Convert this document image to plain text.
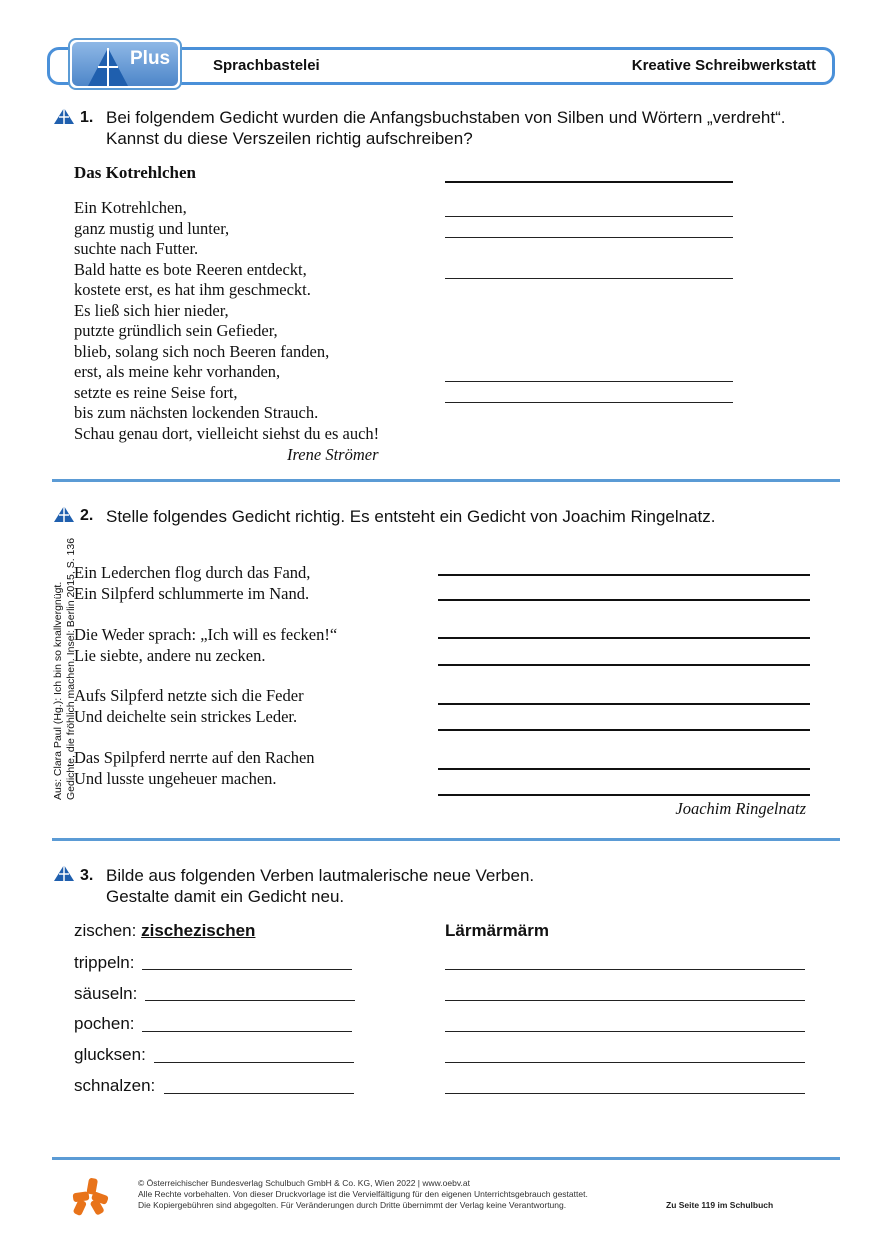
Plus	Sprachbastelei	Kreative Schreibwerkstatt
1. Bei folgendem Gedicht wurden die Anfangsbuchstaben von Silben und Wörtern „verdreht“.
Kannst du diese Verszeilen richtig aufschreiben?
Das Kotrehlchen
Ein Kotrehlchen,
ganz mustig und lunter,
suchte nach Futter.
Bald hatte es bote Reeren entdeckt,
kostete erst, es hat ihm geschmeckt.
Es ließ sich hier nieder,
putzte gründlich sein Gefieder,
blieb, solang sich noch Beeren fanden,
erst, als meine kehr vorhanden,
setzte es reine Seise fort,
bis zum nächsten lockenden Strauch.
Schau genau dort, vielleicht siehst du es auch!
Irene Strömer
2. Stelle folgendes Gedicht richtig. Es entsteht ein Gedicht von Joachim Ringelnatz.
Aus: Clara Paul (Hg.): Ich bin so knallvergnügt. Gedichte, die fröhlich machen. Insel: Berlin 2015, S. 136
Ein Lederchen flog durch das Fand,
Ein Silpferd schlummerte im Nand.
Die Weder sprach: „Ich will es fecken!“
Lie siebte, andere nu zecken.
Aufs Silpferd netzte sich die Feder
Und deichelte sein strickes Leder.
Das Spilpferd nerrte auf den Rachen
Und lusste ungeheuer machen.
Joachim Ringelnatz
3. Bilde aus folgenden Verben lautmalerische neue Verben.
Gestalte damit ein Gedicht neu.
zischen: zischezischen	Lärmärmärm
trippeln:
säuseln:
pochen:
glucksen:
schnalzen:
© Österreichischer Bundesverlag Schulbuch GmbH & Co. KG, Wien 2022 | www.oebv.at
Alle Rechte vorbehalten. Von dieser Druckvorlage ist die Vervielfältigung für den eigenen Unterrichtsgebrauch gestattet.
Die Kopiergebühren sind abgegolten. Für Veränderungen durch Dritte übernimmt der Verlag keine Verantwortung.	Zu Seite 119 im Schulbuch
